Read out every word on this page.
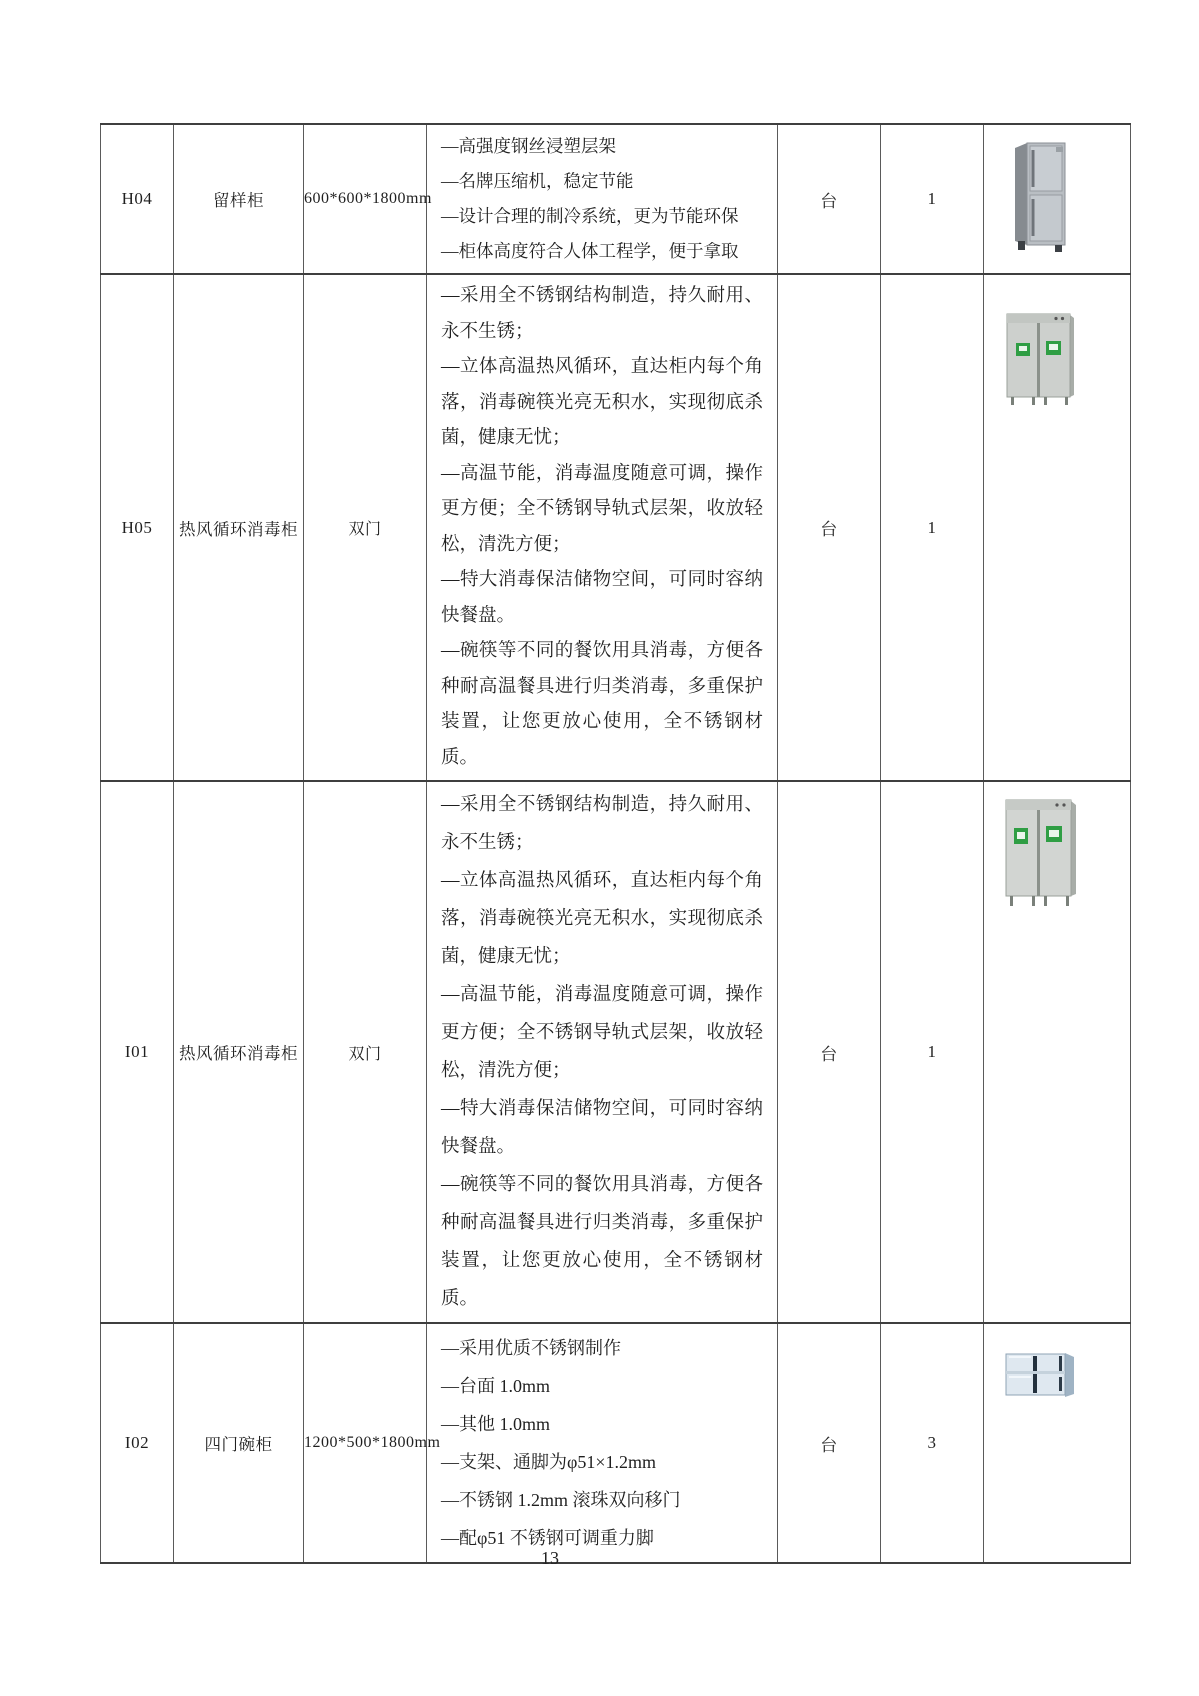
H04	留样柜	600*600*1800mm	—高强度钢丝浸塑层架

—名牌压缩机，稳定节能

—设计合理的制冷系统，更为节能环保

—柜体高度符合人体工程学，便于拿取	台	1	
H05	热风循环消毒柜	双门	—采用全不锈钢结构制造，持久耐用、永不生锈；

—立体高温热风循环，直达柜内每个角落，消毒碗筷光亮无积水，实现彻底杀菌，健康无忧；

—高温节能，消毒温度随意可调，操作更方便；全不锈钢导轨式层架，收放轻松，清洗方便；

—特大消毒保洁储物空间，可同时容纳快餐盘。

—碗筷等不同的餐饮用具消毒，方便各种耐高温餐具进行归类消毒，多重保护装置，让您更放心使用，全不锈钢材质。	台	1	
I01	热风循环消毒柜	双门	—采用全不锈钢结构制造，持久耐用、永不生锈；

—立体高温热风循环，直达柜内每个角落，消毒碗筷光亮无积水，实现彻底杀菌，健康无忧；

—高温节能，消毒温度随意可调，操作更方便；全不锈钢导轨式层架，收放轻松，清洗方便；

—特大消毒保洁储物空间，可同时容纳快餐盘。

—碗筷等不同的餐饮用具消毒，方便各种耐高温餐具进行归类消毒，多重保护装置，让您更放心使用，全不锈钢材质。	台	1	
I02	四门碗柜	1200*500*1800mm	

—采用优质不锈钢制作

—台面 1.0mm

—其他 1.0mm

—支架、通脚为φ51×1.2mm

—不锈钢 1.2mm 滚珠双向移门

—配φ51 不锈钢可调重力脚

	台	3	
13
